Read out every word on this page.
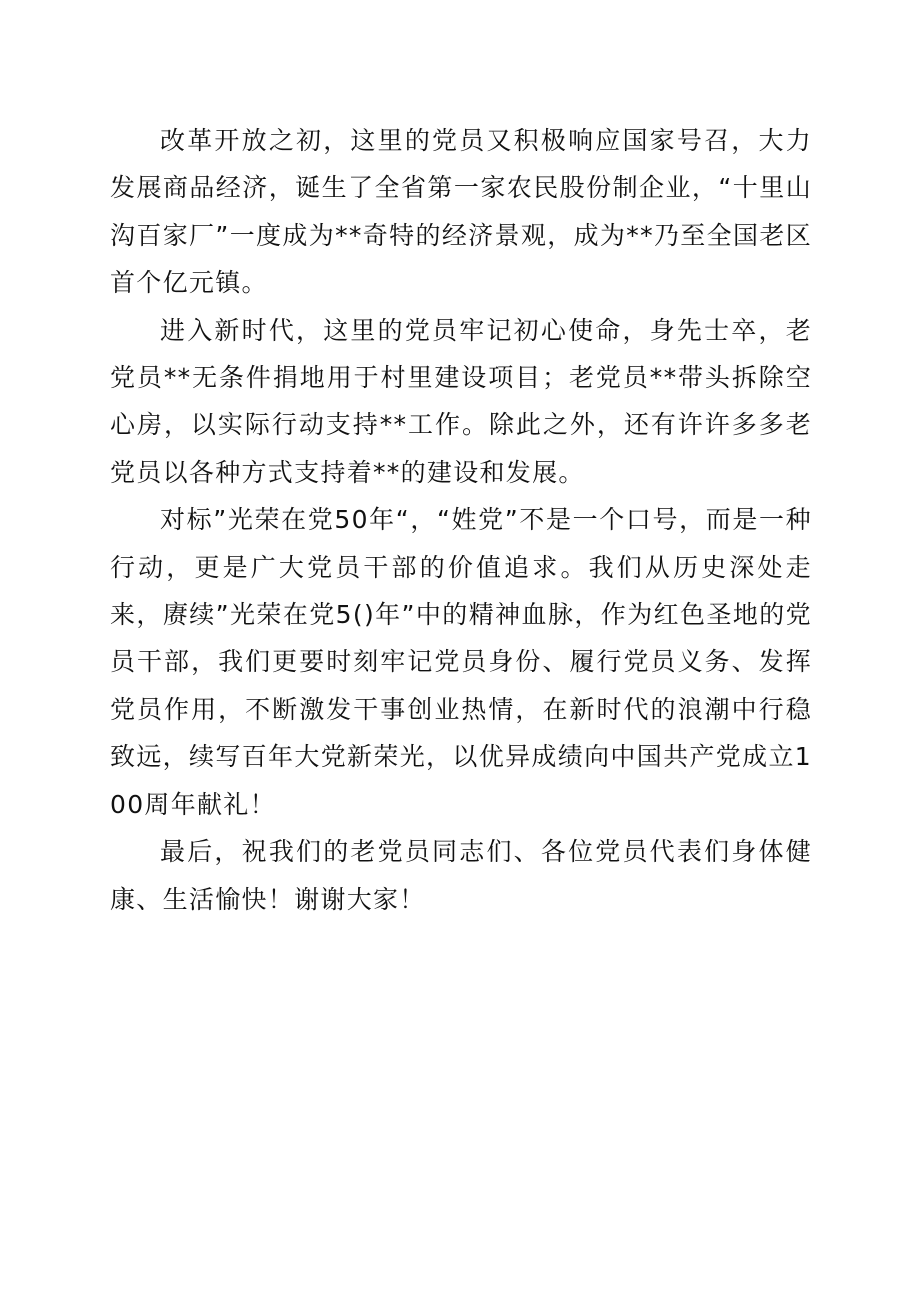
改革开放之初，这里的党员又积极响应国家号召，大力发展商品经济，诞生了全省第一家农民股份制企业，“十里山沟百家厂”一度成为**奇特的经济景观，成为**乃至全国老区首个亿元镇。

进入新时代，这里的党员牢记初心使命，身先士卒，老党员**无条件捐地用于村里建设项目；老党员**带头拆除空心房，以实际行动支持**工作。除此之外，还有许许多多老党员以各种方式支持着**的建设和发展。

对标”光荣在党50年“，“姓党”不是一个口号，而是一种行动，更是广大党员干部的价值追求。我们从历史深处走来，赓续”光荣在党5()年”中的精神血脉，作为红色圣地的党员干部，我们更要时刻牢记党员身份、履行党员义务、发挥党员作用，不断激发干事创业热情，在新时代的浪潮中行稳致远，续写百年大党新荣光，以优异成绩向中国共产党成立100周年献礼！

最后，祝我们的老党员同志们、各位党员代表们身体健康、生活愉快！谢谢大家！
